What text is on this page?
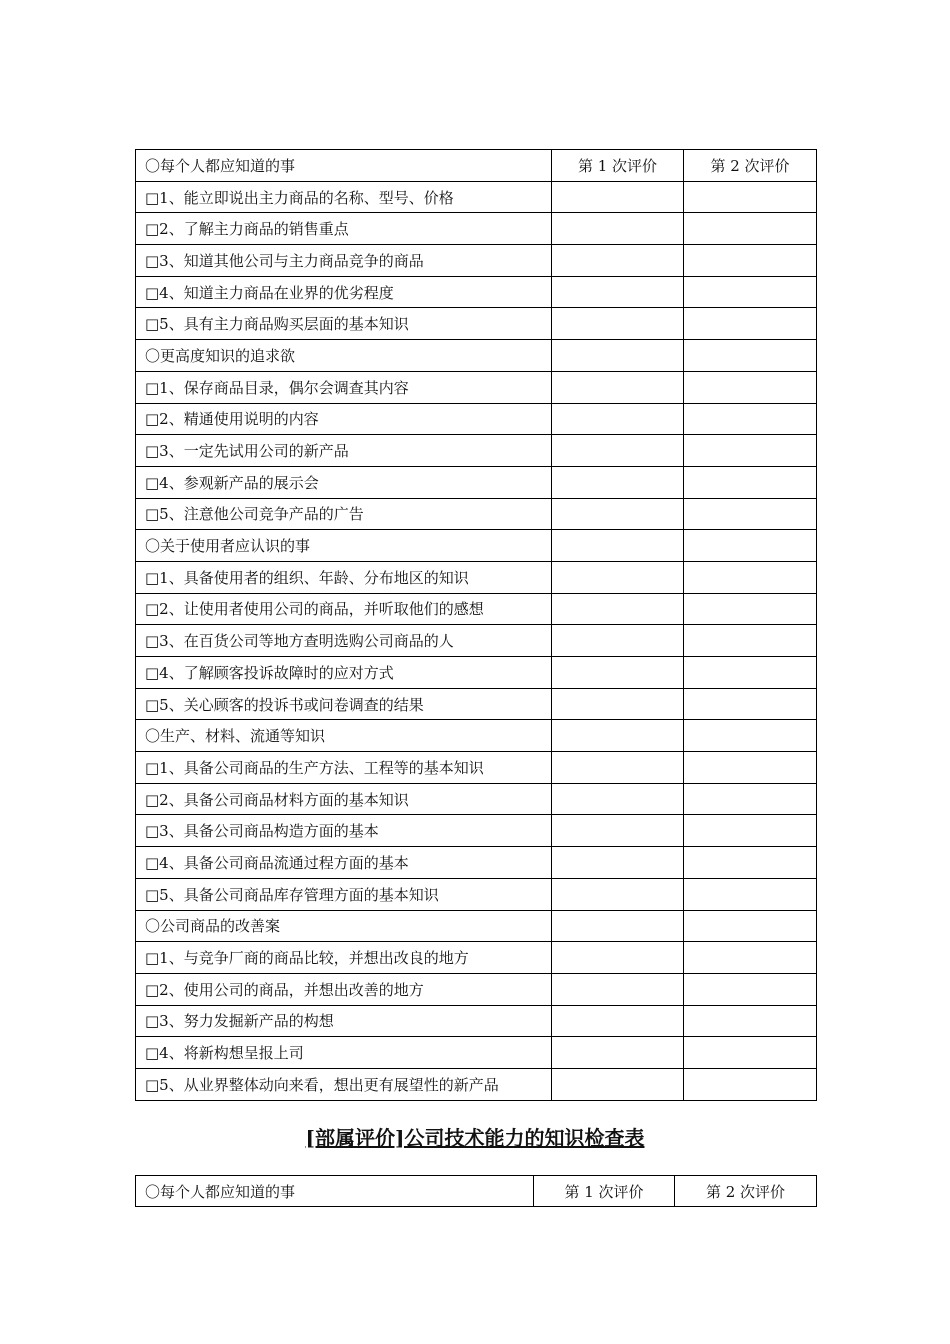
〇每个人都应知道的事	第 1 次评价	第 2 次评价
□1、能立即说出主力商品的名称、型号、价格		
□2、了解主力商品的销售重点		
□3、知道其他公司与主力商品竞争的商品		
□4、知道主力商品在业界的优劣程度		
□5、具有主力商品购买层面的基本知识		
〇更高度知识的追求欲		
□1、保存商品目录，偶尔会调查其内容		
□2、精通使用说明的内容		
□3、一定先试用公司的新产品		
□4、参观新产品的展示会		
□5、注意他公司竞争产品的广告		
〇关于使用者应认识的事		
□1、具备使用者的组织、年龄、分布地区的知识		
□2、让使用者使用公司的商品，并听取他们的感想		
□3、在百货公司等地方查明选购公司商品的人		
□4、了解顾客投诉故障时的应对方式		
□5、关心顾客的投诉书或问卷调查的结果		
〇生产、材料、流通等知识		
□1、具备公司商品的生产方法、工程等的基本知识		
□2、具备公司商品材料方面的基本知识		
□3、具备公司商品构造方面的基本		
□4、具备公司商品流通过程方面的基本		
□5、具备公司商品库存管理方面的基本知识		
〇公司商品的改善案		
□1、与竞争厂商的商品比较，并想出改良的地方		
□2、使用公司的商品，并想出改善的地方		
□3、努力发掘新产品的构想		
□4、将新构想呈报上司		
□5、从业界整体动向来看，想出更有展望性的新产品		
[部属评价]公司技术能力的知识检查表
〇每个人都应知道的事	第 1 次评价	第 2 次评价
